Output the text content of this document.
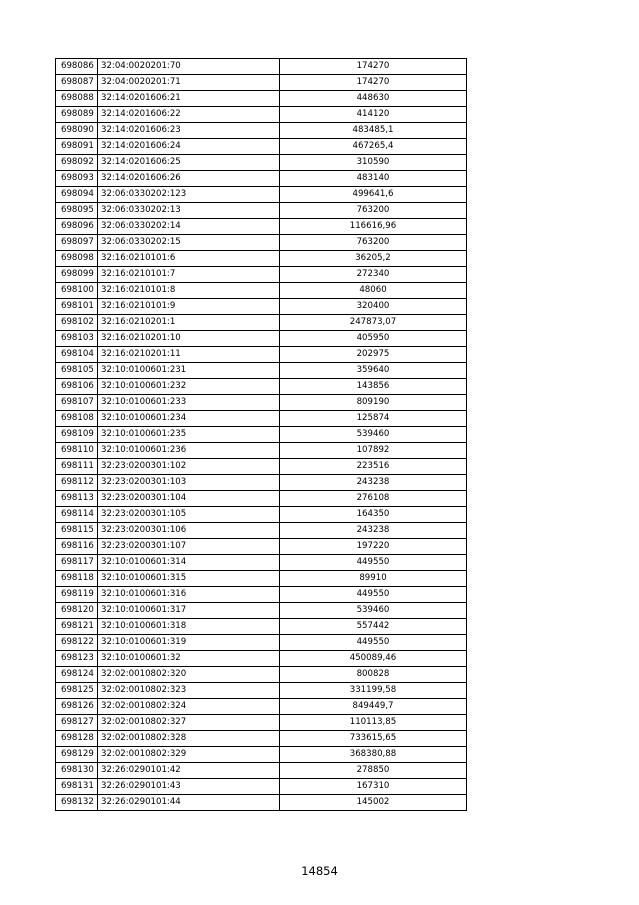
698086	32:04:0020201:70	174270
698087	32:04:0020201:71	174270
698088	32:14:0201606:21	448630
698089	32:14:0201606:22	414120
698090	32:14:0201606:23	483485,1
698091	32:14:0201606:24	467265,4
698092	32:14:0201606:25	310590
698093	32:14:0201606:26	483140
698094	32:06:0330202:123	499641,6
698095	32:06:0330202:13	763200
698096	32:06:0330202:14	116616,96
698097	32:06:0330202:15	763200
698098	32:16:0210101:6	36205,2
698099	32:16:0210101:7	272340
698100	32:16:0210101:8	48060
698101	32:16:0210101:9	320400
698102	32:16:0210201:1	247873,07
698103	32:16:0210201:10	405950
698104	32:16:0210201:11	202975
698105	32:10:0100601:231	359640
698106	32:10:0100601:232	143856
698107	32:10:0100601:233	809190
698108	32:10:0100601:234	125874
698109	32:10:0100601:235	539460
698110	32:10:0100601:236	107892
698111	32:23:0200301:102	223516
698112	32:23:0200301:103	243238
698113	32:23:0200301:104	276108
698114	32:23:0200301:105	164350
698115	32:23:0200301:106	243238
698116	32:23:0200301:107	197220
698117	32:10:0100601:314	449550
698118	32:10:0100601:315	89910
698119	32:10:0100601:316	449550
698120	32:10:0100601:317	539460
698121	32:10:0100601:318	557442
698122	32:10:0100601:319	449550
698123	32:10:0100601:32	450089,46
698124	32:02:0010802:320	800828
698125	32:02:0010802:323	331199,58
698126	32:02:0010802:324	849449,7
698127	32:02:0010802:327	110113,85
698128	32:02:0010802:328	733615,65
698129	32:02:0010802:329	368380,88
698130	32:26:0290101:42	278850
698131	32:26:0290101:43	167310
698132	32:26:0290101:44	145002
14854
